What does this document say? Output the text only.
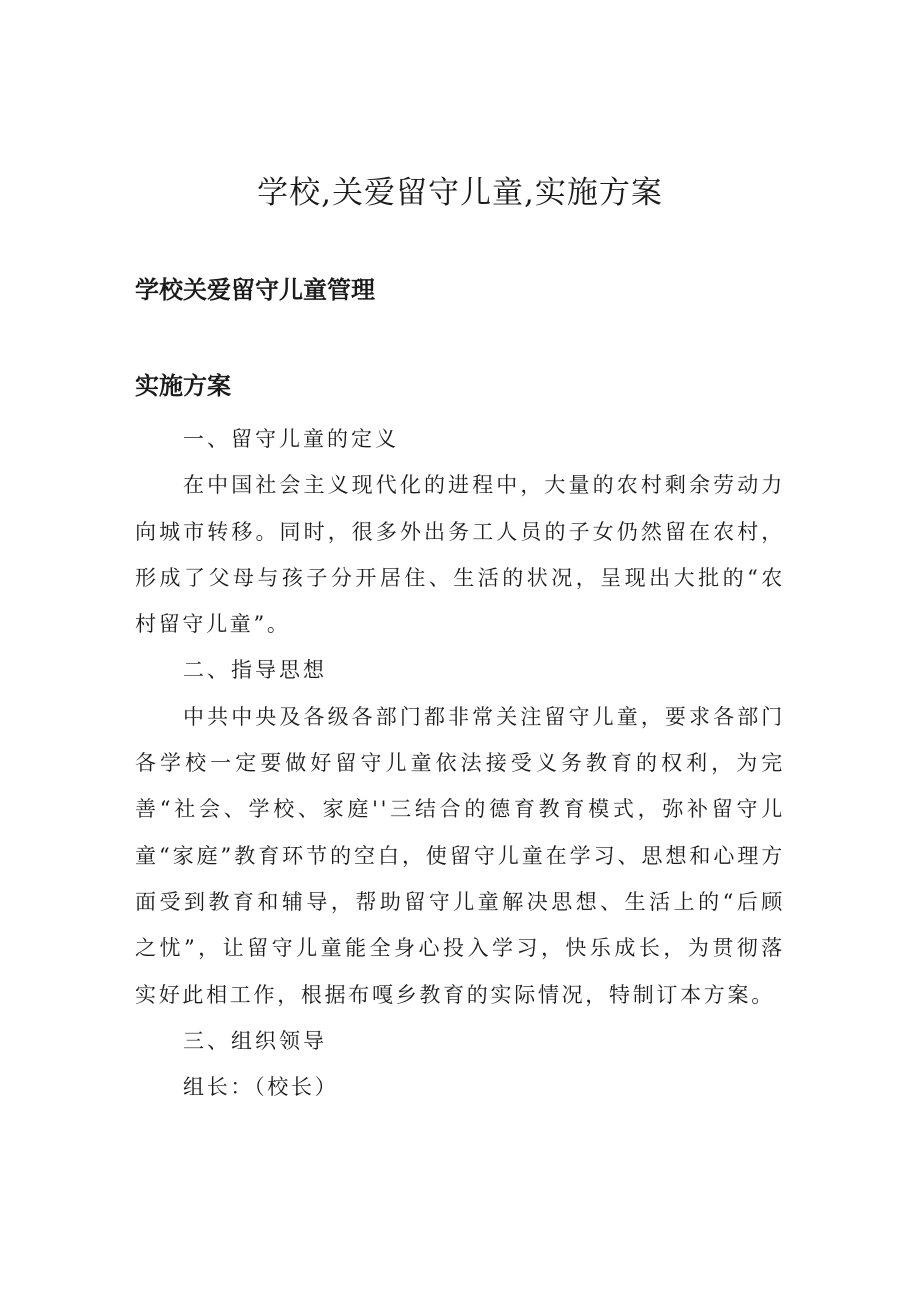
学校,关爱留守儿童,实施方案
学校关爱留守儿童管理
实施方案

一、留守儿童的定义

在中国社会主义现代化的进程中，大量的农村剩余劳动力向城市转移。同时，很多外出务工人员的子女仍然留在农村，形成了父母与孩子分开居住、生活的状况，呈现出大批的“农村留守儿童”。

二、指导思想

中共中央及各级各部门都非常关注留守儿童，要求各部门各学校一定要做好留守儿童依法接受义务教育的权利，为完善“社会、学校、家庭''三结合的德育教育模式，弥补留守儿童“家庭”教育环节的空白，使留守儿童在学习、思想和心理方面受到教育和辅导，帮助留守儿童解决思想、生活上的“后顾之忧”，让留守儿童能全身心投入学习，快乐成长，为贯彻落实好此相工作，根据布嘎乡教育的实际情况，特制订本方案。

三、组织领导

组长：（校长）
